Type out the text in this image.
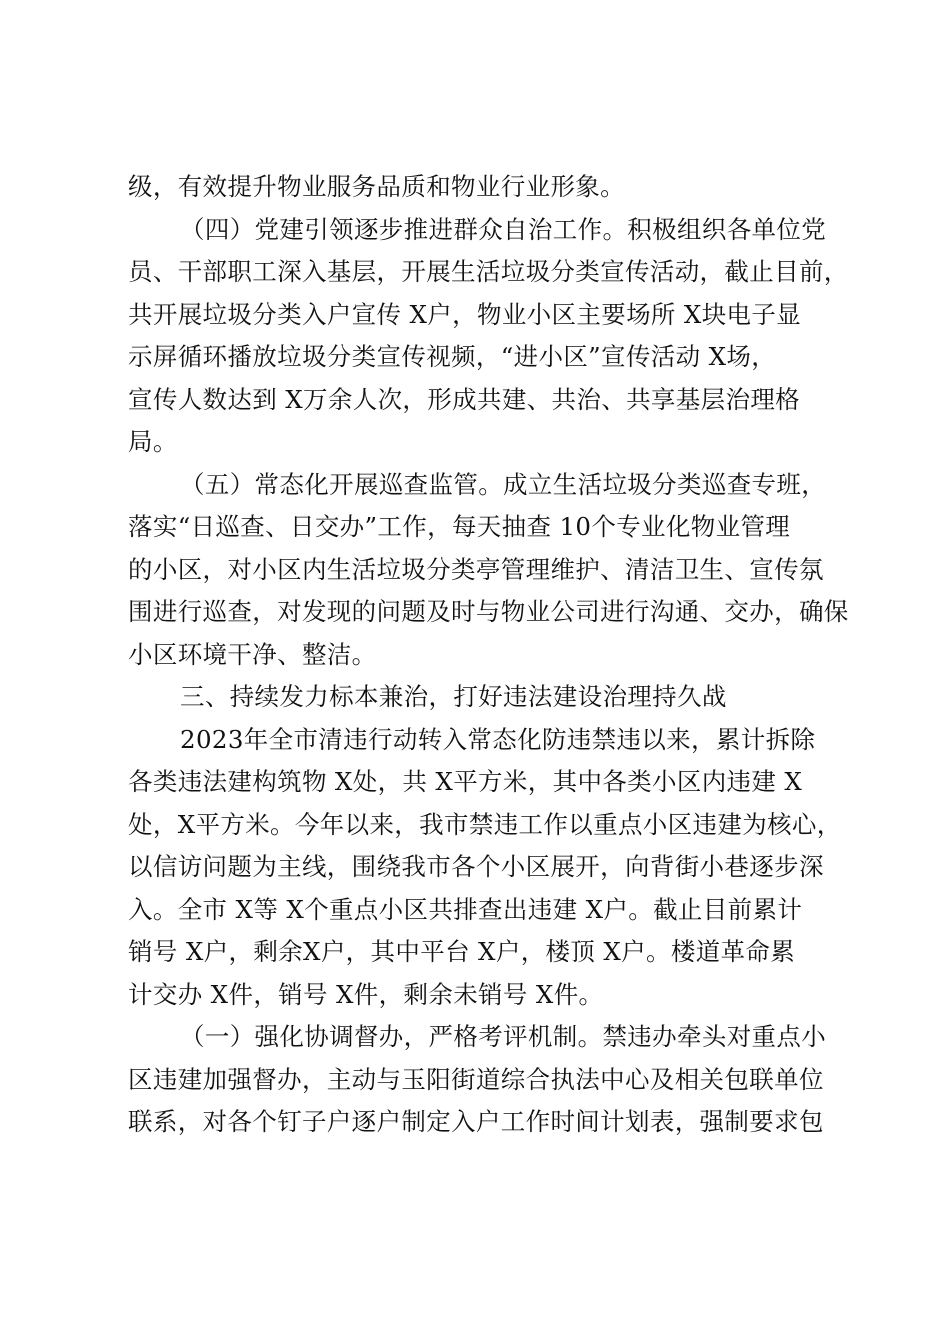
级，有效提升物业服务品质和物业行业形象。
（四）党建引领逐步推进群众自治工作。积极组织各单位党
员、干部职工深入基层，开展生活垃圾分类宣传活动，截止目前，
共开展垃圾分类入户宣传 X户，物业小区主要场所 X块电子显
示屏循环播放垃圾分类宣传视频，“进小区”宣传活动 X场，
宣传人数达到 X万余人次，形成共建、共治、共享基层治理格
局。
（五）常态化开展巡查监管。成立生活垃圾分类巡查专班，
落实“日巡查、日交办”工作，每天抽查 10个专业化物业管理
的小区，对小区内生活垃圾分类亭管理维护、清洁卫生、宣传氛
围进行巡查，对发现的问题及时与物业公司进行沟通、交办，确保
小区环境干净、整洁。
三、持续发力标本兼治，打好违法建设治理持久战
2023年全市清违行动转入常态化防违禁违以来，累计拆除
各类违法建构筑物 X处，共 X平方米，其中各类小区内违建 X
处，X平方米。今年以来，我市禁违工作以重点小区违建为核心，
以信访问题为主线，围绕我市各个小区展开，向背街小巷逐步深
入。全市 X等 X个重点小区共排查出违建 X户。截止目前累计
销号 X户，剩余X户，其中平台 X户，楼顶 X户。楼道革命累
计交办 X件，销号 X件，剩余未销号 X件。
（一）强化协调督办，严格考评机制。禁违办牵头对重点小
区违建加强督办，主动与玉阳街道综合执法中心及相关包联单位
联系，对各个钉子户逐户制定入户工作时间计划表，强制要求包
